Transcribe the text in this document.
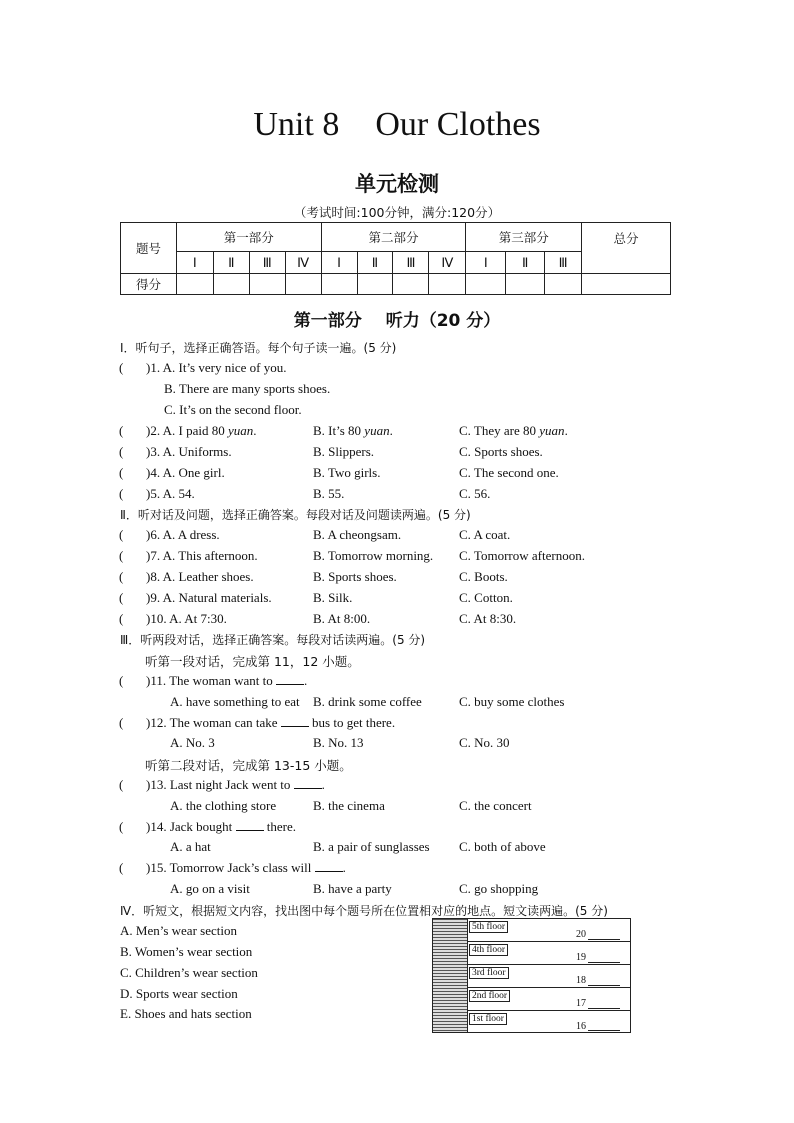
Unit 8 Our Clothes
单元检测
（考试时间:100分钟，满分:120分）
题号	第一部分				第二部分				第三部分			总分
	Ⅰ	Ⅱ	Ⅲ	Ⅳ	Ⅰ	Ⅱ	Ⅲ	Ⅳ	Ⅰ	Ⅱ	Ⅲ	
得分												
第一部分 听力（20 分）
Ⅰ．听句子，选择正确答语。每个句子读一遍。(5 分)
( )1. A. It’s very nice of you.
B. There are many sports shoes.
C. It’s on the second floor.
( )2. A. I paid 80 yuan.	B. It’s 80 yuan.	C. They are 80 yuan.
( )3. A. Uniforms.	B. Slippers.	C. Sports shoes.
( )4. A. One girl.	B. Two girls.	C. The second one.
( )5. A. 54.	B. 55.	C. 56.
Ⅱ．听对话及问题，选择正确答案。每段对话及问题读两遍。(5 分)
( )6. A. A dress.	B. A cheongsam.	C. A coat.
( )7. A. This afternoon.	B. Tomorrow morning. C. Tomorrow afternoon.
( )8. A. Leather shoes.	B. Sports shoes.	C. Boots.
( )9. A. Natural materials.	B. Silk.	C. Cotton.
( )10. A. At 7:30.	B. At 8:00.	C. At 8:30.
Ⅲ．听两段对话，选择正确答案。每段对话读两遍。(5 分)
听第一段对话，完成第 11，12 小题。
( )11. The woman want to .
A. have something to eat B. drink some coffee	C. buy some clothes
( )12. The woman can take	bus to get there.
A. No. 3	B. No. 13	C. No. 30
听第二段对话，完成第 13-15 小题。
( )13. Last night Jack went to .
A. the clothing store	B. the cinema	C. the concert
( )14. Jack bought	there.
A. a hat	B. a pair of sunglasses C. both of above
( )15. Tomorrow Jack’s class will .
A. go on a visit	B. have a party	C. go shopping
Ⅳ．听短文，根据短文内容，找出图中每个题号所在位置相对应的地点。短文读两遍。(5 分)
A. Men’s wear section
B. Women’s wear section
C. Children’s wear section
D. Sports wear section
E. Shoes and hats section
5th floor
4th floor
3rd floor
2nd floor
1st floor
20
19
18
17
16
